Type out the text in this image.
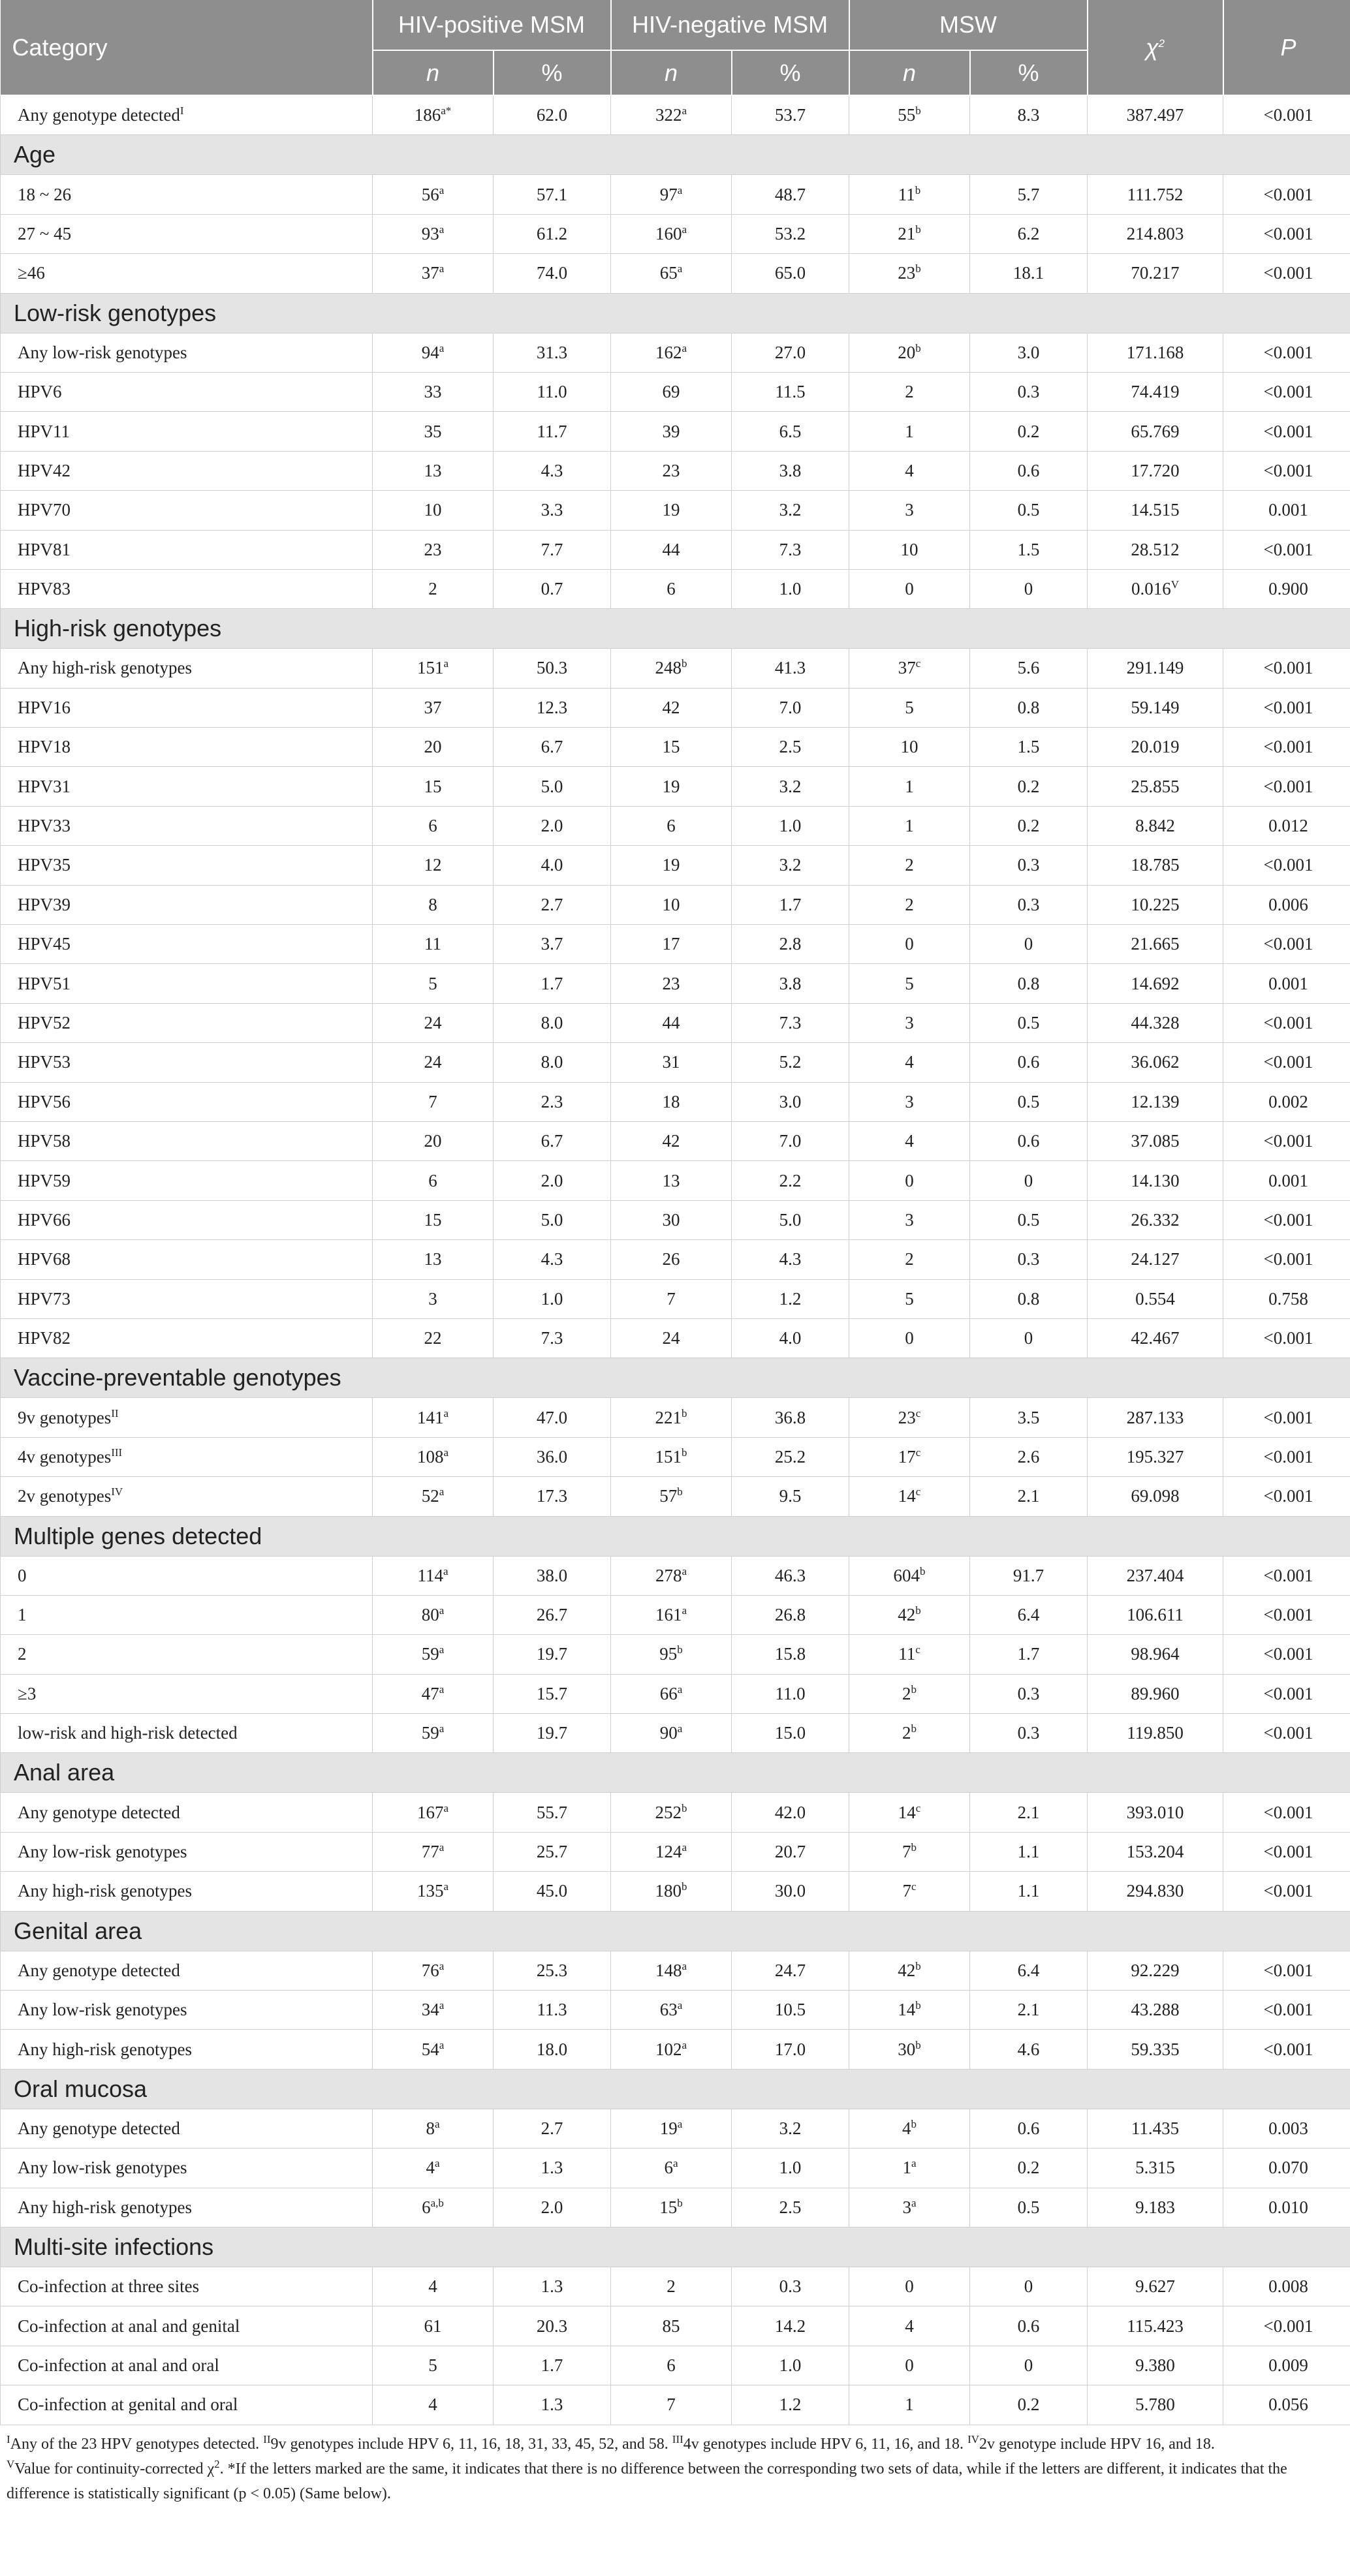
Category	HIV-positive MSM		HIV-negative MSM		MSW		$\chi^2$	P
	n	%	n	%	n	%		
Any genotype detected$^I$	$186^{a*}$	62.0	322$^a$	53.7	55$^b$	8.3	387.497	<0.001
Age								
18 ~ 26	56$^a$	57.1	97$^a$	48.7	11$^b$	5.7	111.752	<0.001
27 ~ 45	93$^a$	61.2	160$^a$	53.2	21$^b$	6.2	214.803	<0.001
≥46	37$^a$	74.0	65$^a$	65.0	23$^b$	18.1	70.217	<0.001
Low-risk genotypes								
Any low-risk genotypes	94$^a$	31.3	162$^a$	27.0	20$^b$	3.0	171.168	<0.001
HPV6	33	11.0	69	11.5	2	0.3	74.419	<0.001
HPV11	35	11.7	39	6.5	1	0.2	65.769	<0.001
HPV42	13	4.3	23	3.8	4	0.6	17.720	<0.001
HPV70	10	3.3	19	3.2	3	0.5	14.515	0.001
HPV81	23	7.7	44	7.3	10	1.5	28.512	<0.001
HPV83	2	0.7	6	1.0	0	0	$0.016^V$	0.900
High-risk genotypes								
Any high-risk genotypes	151$^a$	50.3	248$^b$	41.3	37$^c$	5.6	291.149	<0.001
HPV16	37	12.3	42	7.0	5	0.8	59.149	<0.001
HPV18	20	6.7	15	2.5	10	1.5	20.019	<0.001
HPV31	15	5.0	19	3.2	1	0.2	25.855	<0.001
HPV33	6	2.0	6	1.0	1	0.2	8.842	0.012
HPV35	12	4.0	19	3.2	2	0.3	18.785	<0.001
HPV39	8	2.7	10	1.7	2	0.3	10.225	0.006
HPV45	11	3.7	17	2.8	0	0	21.665	<0.001
HPV51	5	1.7	23	3.8	5	0.8	14.692	0.001
HPV52	24	8.0	44	7.3	3	0.5	44.328	<0.001
HPV53	24	8.0	31	5.2	4	0.6	36.062	<0.001
HPV56	7	2.3	18	3.0	3	0.5	12.139	0.002
HPV58	20	6.7	42	7.0	4	0.6	37.085	<0.001
HPV59	6	2.0	13	2.2	0	0	14.130	0.001
HPV66	15	5.0	30	5.0	3	0.5	26.332	<0.001
HPV68	13	4.3	26	4.3	2	0.3	24.127	<0.001
HPV73	3	1.0	7	1.2	5	0.8	0.554	0.758
HPV82	22	7.3	24	4.0	0	0	42.467	<0.001
Vaccine-preventable genotypes								
9v genotypes$^{II}$	141$^a$	47.0	221$^b$	36.8	23$^c$	3.5	287.133	<0.001
4v genotypes$^{III}$	108$^a$	36.0	151$^b$	25.2	17$^c$	2.6	195.327	<0.001
2v genotypes$^{IV}$	52$^a$	17.3	57$^b$	9.5	14$^c$	2.1	69.098	<0.001
Multiple genes detected								
0	114$^a$	38.0	278$^a$	46.3	604$^b$	91.7	237.404	<0.001
1	80$^a$	26.7	161$^a$	26.8	42$^b$	6.4	106.611	<0.001
2	59$^a$	19.7	95$^b$	15.8	11$^c$	1.7	98.964	<0.001
≥3	47$^a$	15.7	66$^a$	11.0	2$^b$	0.3	89.960	<0.001
low-risk and high-risk detected	59$^a$	19.7	90$^a$	15.0	2$^b$	0.3	119.850	<0.001
Anal area								
Any genotype detected	167$^a$	55.7	252$^b$	42.0	14$^c$	2.1	393.010	<0.001
Any low-risk genotypes	77$^a$	25.7	124$^a$	20.7	7$^b$	1.1	153.204	<0.001
Any high-risk genotypes	135$^a$	45.0	180$^b$	30.0	7$^c$	1.1	294.830	<0.001
Genital area								
Any genotype detected	76$^a$	25.3	148$^a$	24.7	42$^b$	6.4	92.229	<0.001
Any low-risk genotypes	34$^a$	11.3	63$^a$	10.5	14$^b$	2.1	43.288	<0.001
Any high-risk genotypes	54$^a$	18.0	102$^a$	17.0	30$^b$	4.6	59.335	<0.001
Oral mucosa								
Any genotype detected	8$^a$	2.7	19$^a$	3.2	4$^b$	0.6	11.435	0.003
Any low-risk genotypes	4$^a$	1.3	6$^a$	1.0	1$^a$	0.2	5.315	0.070
Any high-risk genotypes	6$^{a,b}$	2.0	15$^b$	2.5	3$^a$	0.5	9.183	0.010
Multi-site infections								
Co-infection at three sites	4	1.3	2	0.3	0	0	9.627	0.008
Co-infection at anal and genital	61	20.3	85	14.2	4	0.6	115.423	<0.001
Co-infection at anal and oral	5	1.7	6	1.0	0	0	9.380	0.009
Co-infection at genital and oral	4	1.3	7	1.2	1	0.2	5.780	0.056
$^I$Any of the 23 HPV genotypes detected. $^{II}$9v genotypes include HPV 6, 11, 16, 18, 31, 33, 45, 52, and 58. $^{III}$4v genotypes include HPV 6, 11, 16, and 18. $^{IV}$2v genotype include HPV 16, and 18.
$^V$Value for continuity-corrected $\chi^2$. *If the letters marked are the same, it indicates that there is no difference between the corresponding two sets of data, while if the letters are different, it indicates that the difference is statistically significant (p < 0.05) (Same below).
